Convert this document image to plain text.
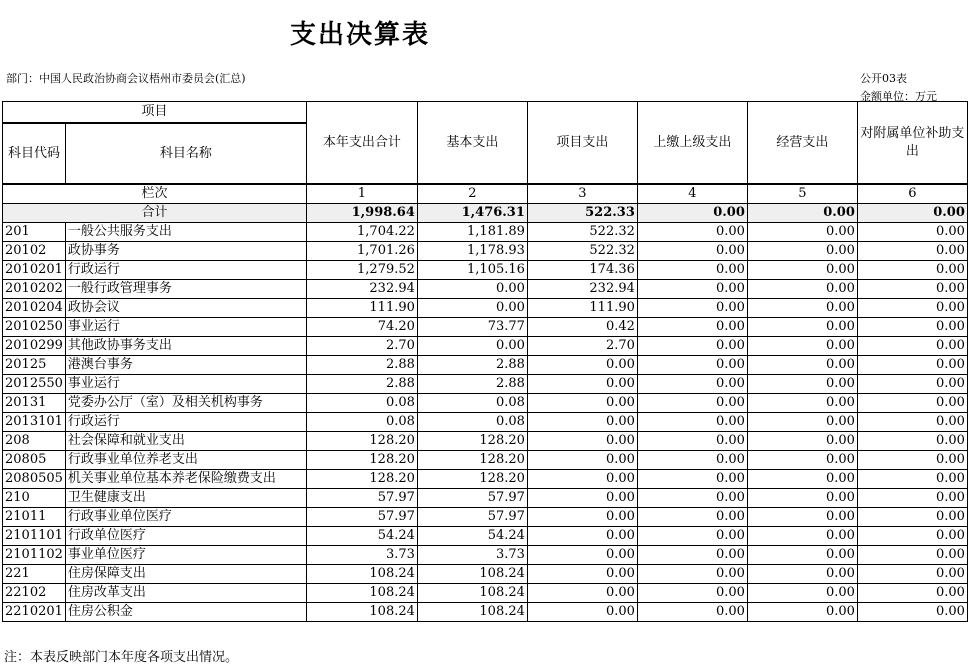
支出决算表
部门：中国人民政治协商会议梧州市委员会(汇总)	公开03表
金额单位：万元
项目		本年支出合计	基本支出	项目支出	上缴上级支出	经营支出	对附属单位补助支出
科目代码	科目名称						
栏次		1	2	3	4	5	6
合计		1,998.64	1,476.31	522.33	0.00	0.00	0.00
201	一般公共服务支出	1,704.22	1,181.89	522.32	0.00	0.00	0.00
20102	政协事务	1,701.26	1,178.93	522.32	0.00	0.00	0.00
2010201	行政运行	1,279.52	1,105.16	174.36	0.00	0.00	0.00
2010202	一般行政管理事务	232.94	0.00	232.94	0.00	0.00	0.00
2010204	政协会议	111.90	0.00	111.90	0.00	0.00	0.00
2010250	事业运行	74.20	73.77	0.42	0.00	0.00	0.00
2010299	其他政协事务支出	2.70	0.00	2.70	0.00	0.00	0.00
20125	港澳台事务	2.88	2.88	0.00	0.00	0.00	0.00
2012550	事业运行	2.88	2.88	0.00	0.00	0.00	0.00
20131	党委办公厅（室）及相关机构事务	0.08	0.08	0.00	0.00	0.00	0.00
2013101	行政运行	0.08	0.08	0.00	0.00	0.00	0.00
208	社会保障和就业支出	128.20	128.20	0.00	0.00	0.00	0.00
20805	行政事业单位养老支出	128.20	128.20	0.00	0.00	0.00	0.00
2080505	机关事业单位基本养老保险缴费支出	128.20	128.20	0.00	0.00	0.00	0.00
210	卫生健康支出	57.97	57.97	0.00	0.00	0.00	0.00
21011	行政事业单位医疗	57.97	57.97	0.00	0.00	0.00	0.00
2101101	行政单位医疗	54.24	54.24	0.00	0.00	0.00	0.00
2101102	事业单位医疗	3.73	3.73	0.00	0.00	0.00	0.00
221	住房保障支出	108.24	108.24	0.00	0.00	0.00	0.00
22102	住房改革支出	108.24	108.24	0.00	0.00	0.00	0.00
2210201	住房公积金	108.24	108.24	0.00	0.00	0.00	0.00
注：本表反映部门本年度各项支出情况。
